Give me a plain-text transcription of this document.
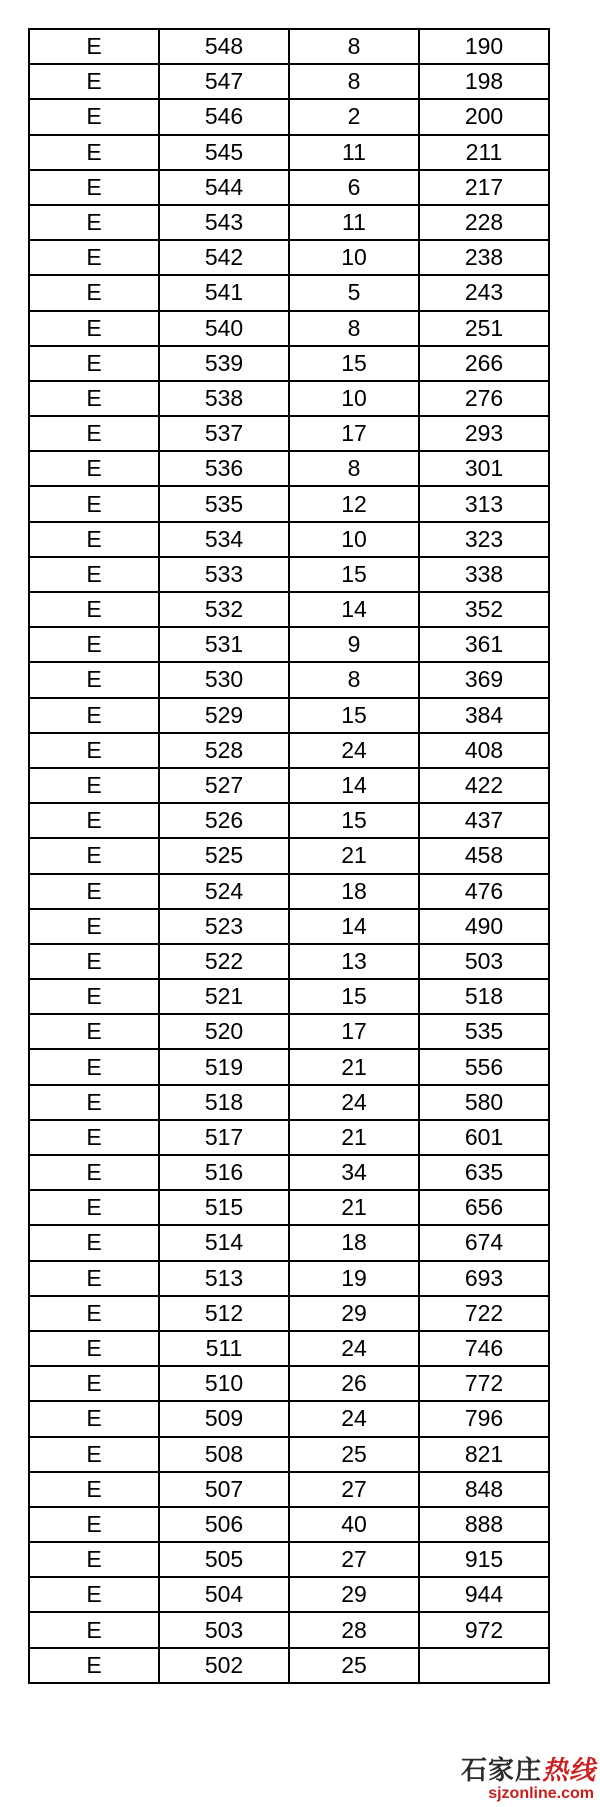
E	548	8	190
E	547	8	198
E	546	2	200
E	545	11	211
E	544	6	217
E	543	11	228
E	542	10	238
E	541	5	243
E	540	8	251
E	539	15	266
E	538	10	276
E	537	17	293
E	536	8	301
E	535	12	313
E	534	10	323
E	533	15	338
E	532	14	352
E	531	9	361
E	530	8	369
E	529	15	384
E	528	24	408
E	527	14	422
E	526	15	437
E	525	21	458
E	524	18	476
E	523	14	490
E	522	13	503
E	521	15	518
E	520	17	535
E	519	21	556
E	518	24	580
E	517	21	601
E	516	34	635
E	515	21	656
E	514	18	674
E	513	19	693
E	512	29	722
E	511	24	746
E	510	26	772
E	509	24	796
E	508	25	821
E	507	27	848
E	506	40	888
E	505	27	915
E	504	29	944
E	503	28	972
E	502	25	
石家庄热线
sjzonline.com
